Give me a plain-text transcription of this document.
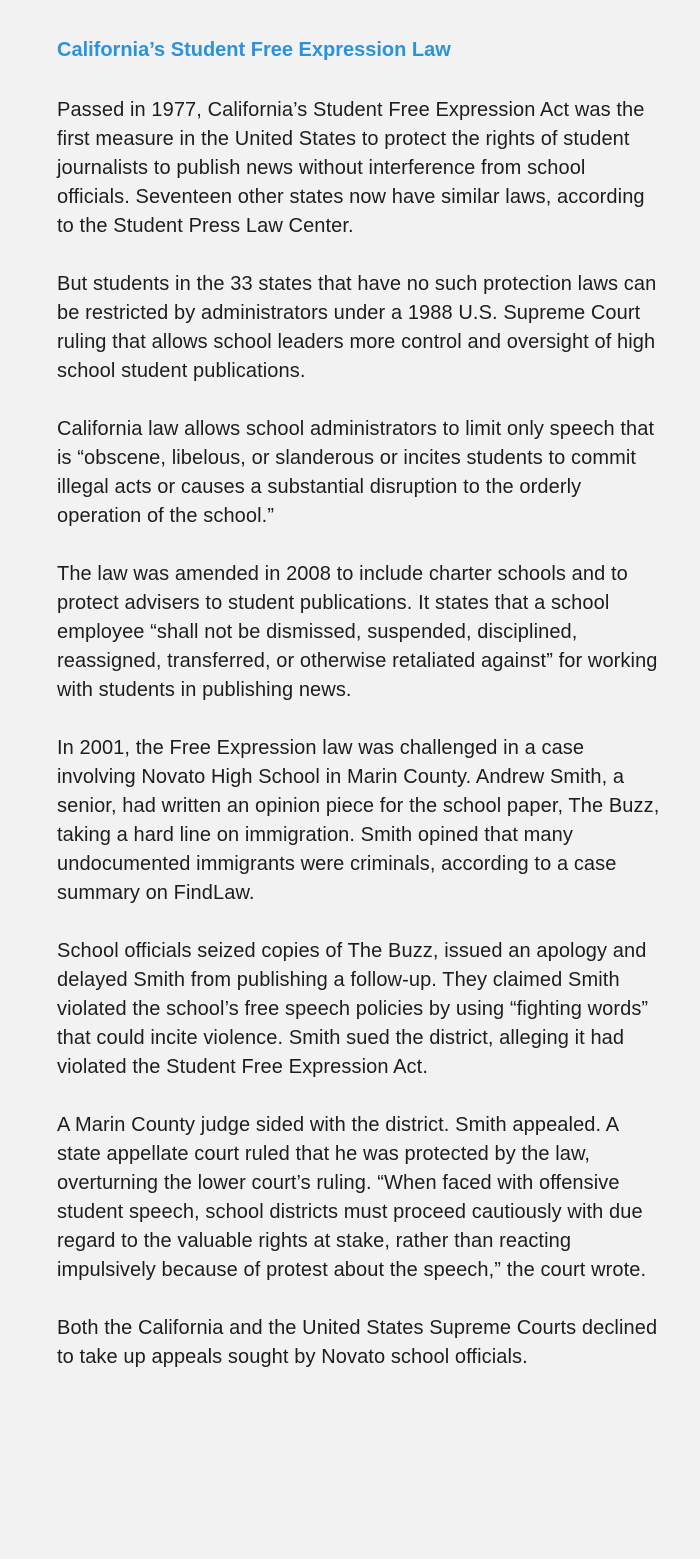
California’s Student Free Expression Law

Passed in 1977, California’s Student Free Expression Act was the first measure in the United States to protect the rights of student journalists to publish news without interference from school officials. Seventeen other states now have similar laws, according to the Student Press Law Center.

But students in the 33 states that have no such protection laws can be restricted by administrators under a 1988 U.S. Supreme Court ruling that allows school leaders more control and oversight of high school student publications.

California law allows school administrators to limit only speech that is “obscene, libelous, or slanderous or incites students to commit illegal acts or causes a substantial disruption to the orderly operation of the school.”

The law was amended in 2008 to include charter schools and to protect advisers to student publications. It states that a school employee “shall not be dismissed, suspended, disciplined, reassigned, transferred, or otherwise retaliated against” for working with students in publishing news.

In 2001, the Free Expression law was challenged in a case involving Novato High School in Marin County. Andrew Smith, a senior, had written an opinion piece for the school paper, The Buzz, taking a hard line on immigration. Smith opined that many undocumented immigrants were criminals, according to a case summary on FindLaw.

School officials seized copies of The Buzz, issued an apology and delayed Smith from publishing a follow-up. They claimed Smith violated the school’s free speech policies by using “fighting words” that could incite violence. Smith sued the district, alleging it had violated the Student Free Expression Act.

A Marin County judge sided with the district. Smith appealed. A state appellate court ruled that he was protected by the law, overturning the lower court’s ruling. “When faced with offensive student speech, school districts must proceed cautiously with due regard to the valuable rights at stake, rather than reacting impulsively because of protest about the speech,” the court wrote.

Both the California and the United States Supreme Courts declined to take up appeals sought by Novato school officials.
